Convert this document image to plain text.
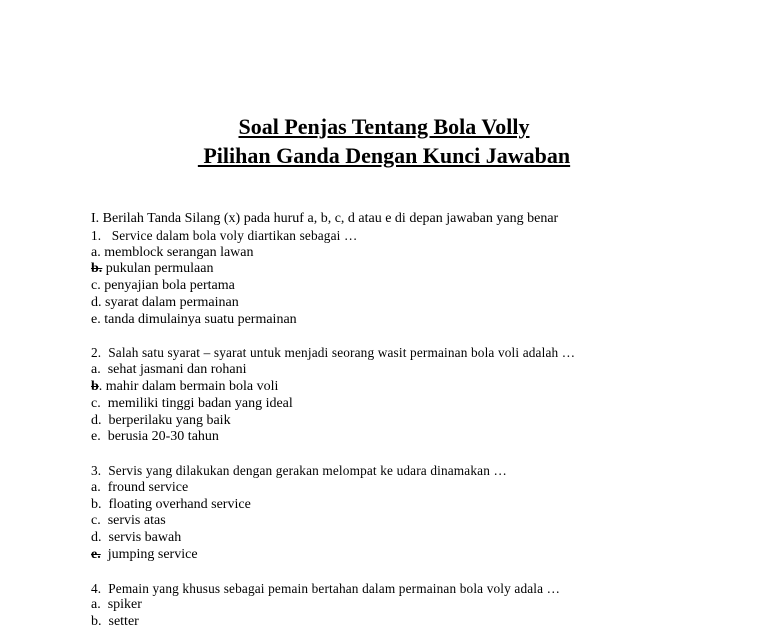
Soal Penjas Tentang Bola Volly
Pilihan Ganda Dengan Kunci Jawaban
I. Berilah Tanda Silang (x) pada huruf a, b, c, d atau e di depan jawaban yang benar
1.   Service dalam bola voly diartikan sebagai …
a. memblock serangan lawan
b. pukulan permulaan
c. penyajian bola pertama
d. syarat dalam permainan
e. tanda dimulainya suatu permainan
2.  Salah satu syarat – syarat untuk menjadi seorang wasit permainan bola voli adalah …
a.  sehat jasmani dan rohani
b. mahir dalam bermain bola voli
c.  memiliki tinggi badan yang ideal
d.  berperilaku yang baik
e.  berusia 20-30 tahun
3.  Servis yang dilakukan dengan gerakan melompat ke udara dinamakan …
a.  fround service
b.  floating overhand service
c.  servis atas
d.  servis bawah
e.  jumping service
4.  Pemain yang khusus sebagai pemain bertahan dalam permainan bola voly adala …
a.  spiker
b.  setter
